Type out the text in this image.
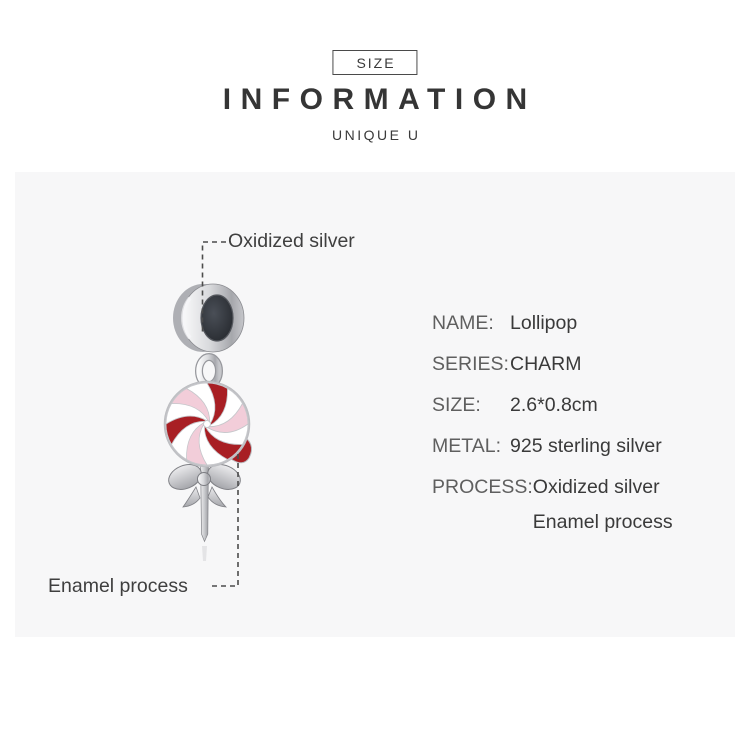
SIZE
INFORMATION
UNIQUE U
Oxidized silver
Enamel process
NAME: Lollipop
SERIES: CHARM
SIZE:	2.6*0.8cm
METAL: 925 sterling silver
PROCESS: Oxidized silver
Enamel process
